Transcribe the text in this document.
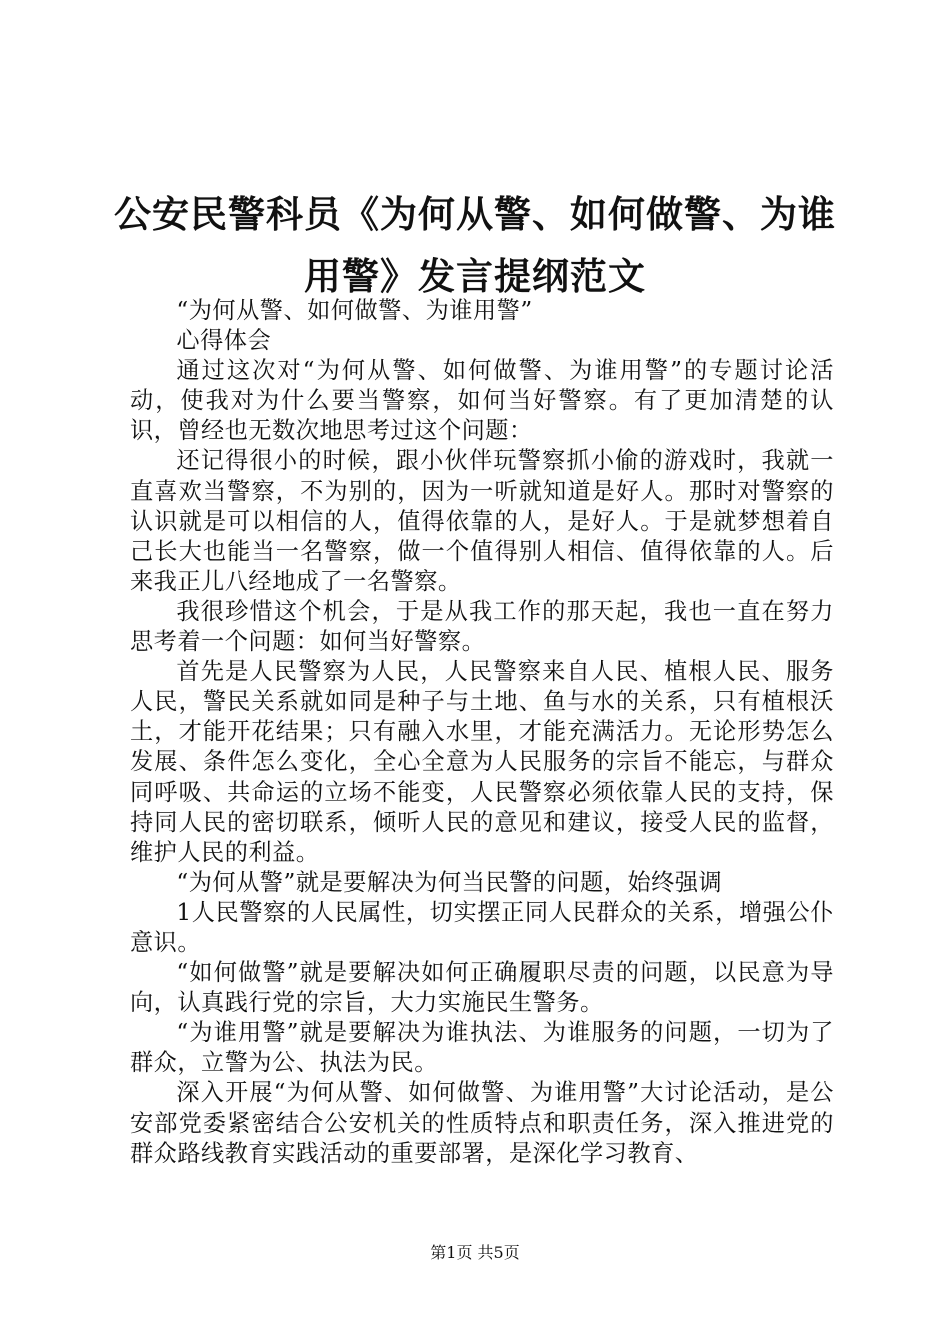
公安民警科员《为何从警、如何做警、为谁用警》发言提纲范文

“为何从警、如何做警、为谁用警”

心得体会

通过这次对“为何从警、如何做警、为谁用警”的专题讨论活动，使我对为什么要当警察，如何当好警察。有了更加清楚的认识，曾经也无数次地思考过这个问题：

还记得很小的时候，跟小伙伴玩警察抓小偷的游戏时，我就一直喜欢当警察，不为别的，因为一听就知道是好人。那时对警察的认识就是可以相信的人，值得依靠的人，是好人。于是就梦想着自己长大也能当一名警察，做一个值得别人相信、值得依靠的人。后来我正儿八经地成了一名警察。

我很珍惜这个机会，于是从我工作的那天起，我也一直在努力思考着一个问题：如何当好警察。

首先是人民警察为人民，人民警察来自人民、植根人民、服务人民，警民关系就如同是种子与土地、鱼与水的关系，只有植根沃土，才能开花结果；只有融入水里，才能充满活力。无论形势怎么发展、条件怎么变化，全心全意为人民服务的宗旨不能忘，与群众同呼吸、共命运的立场不能变，人民警察必须依靠人民的支持，保持同人民的密切联系，倾听人民的意见和建议，接受人民的监督，维护人民的利益。

“为何从警”就是要解决为何当民警的问题，始终强调

1人民警察的人民属性，切实摆正同人民群众的关系，增强公仆意识。

“如何做警”就是要解决如何正确履职尽责的问题，以民意为导向，认真践行党的宗旨，大力实施民生警务。

“为谁用警”就是要解决为谁执法、为谁服务的问题，一切为了群众，立警为公、执法为民。

深入开展“为何从警、如何做警、为谁用警”大讨论活动，是公安部党委紧密结合公安机关的性质特点和职责任务，深入推进党的群众路线教育实践活动的重要部署，是深化学习教育、

第1页 共5页
